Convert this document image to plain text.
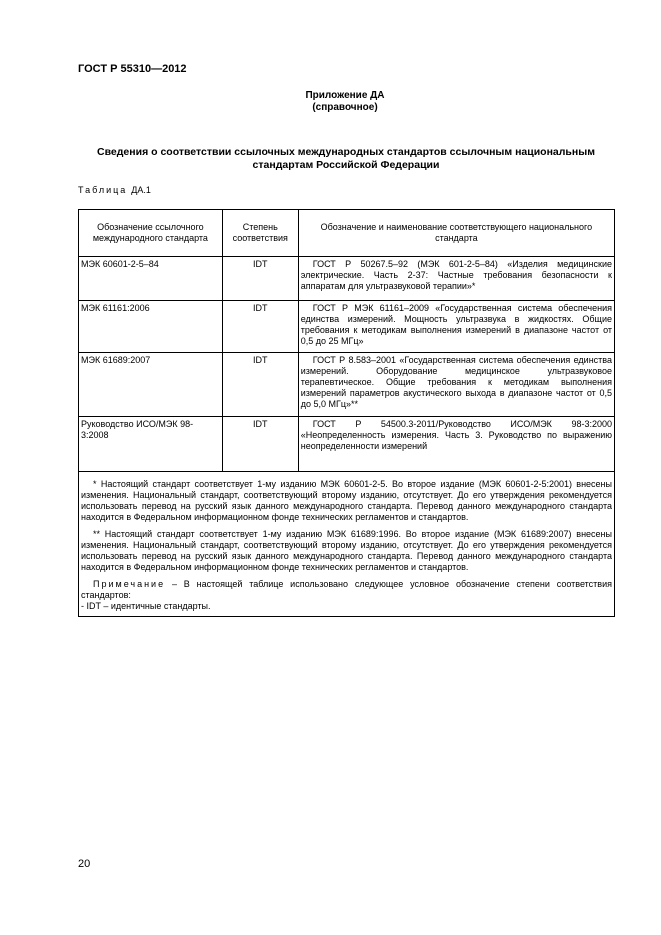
ГОСТ Р 55310—2012
Приложение ДА
(справочное)
Сведения о соответствии ссылочных международных стандартов ссылочным национальным стандартам Российской Федерации
Таблица ДА.1
Обозначение ссылочного международного стандарта	Степень соответствия	Обозначение и наименование соответствующего национального стандарта
МЭК 60601-2-5–84	IDT	ГОСТ Р 50267.5–92 (МЭК 601-2-5–84) «Изделия медицинские электрические. Часть 2-37: Частные требования безопасности к аппаратам для ультразвуковой терапии»*
МЭК 61161:2006	IDT	ГОСТ Р МЭК 61161–2009 «Государственная система обеспечения единства измерений. Мощность ультразвука в жидкостях. Общие требования к методикам выполнения измерений в диапазоне частот от 0,5 до 25 МГц»
МЭК 61689:2007	IDT	ГОСТ Р 8.583–2001 «Государственная система обеспечения единства измерений. Оборудование медицинское ультразвуковое терапевтическое. Общие требования к методикам выполнения измерений параметров акустического выхода в диапазоне частот от 0,5 до 5,0 МГц»**
Руководство ИСО/МЭК 98-3:2008	IDT	ГОСТ Р 54500.3-2011/Руководство ИСО/МЭК 98-3:2000 «Неопределенность измерения. Часть 3. Руководство по выражению неопределенности измерений

* Настоящий стандарт соответствует 1-му изданию МЭК 60601-2-5. Во второе издание (МЭК 60601-2-5:2001) внесены изменения. Национальный стандарт, соответствующий второму изданию, отсутствует. До его утверждения рекомендуется использовать перевод на русский язык данного международного стандарта. Перевод данного международного стандарта находится в Федеральном информационном фонде технических регламентов и стандартов.

** Настоящий стандарт соответствует 1-му изданию МЭК 61689:1996. Во второе издание (МЭК 61689:2007) внесены изменения. Национальный стандарт, соответствующий второму изданию, отсутствует. До его утверждения рекомендуется использовать перевод на русский язык данного международного стандарта. Перевод данного международного стандарта находится в Федеральном информационном фонде технических регламентов и стандартов.

Примечание – В настоящей таблице использовано следующее условное обозначение степени соответствия стандартов:

- IDT – идентичные стандарты.		
20
